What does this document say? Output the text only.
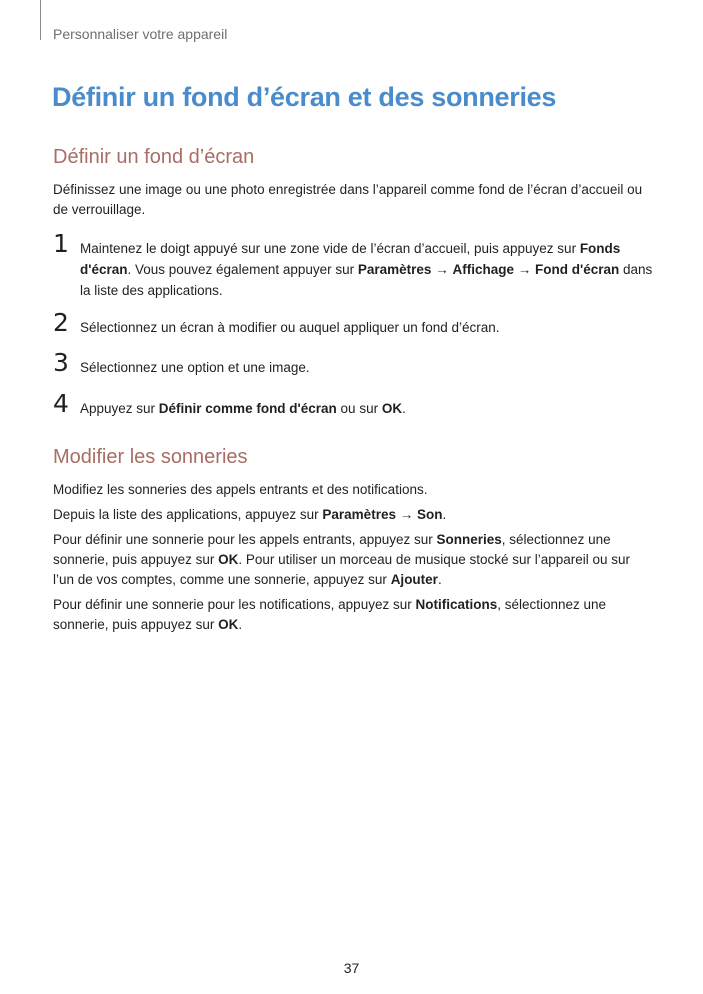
Personnaliser votre appareil
Définir un fond d’écran et des sonneries
Définir un fond d’écran

Définissez une image ou une photo enregistrée dans l’appareil comme fond de l’écran d’accueil ou de verrouillage.

1 Maintenez le doigt appuyé sur une zone vide de l’écran d’accueil, puis appuyez sur Fonds d'écran. Vous pouvez également appuyer sur Paramètres → Affichage → Fond d'écran dans la liste des applications.
2 Sélectionnez un écran à modifier ou auquel appliquer un fond d’écran.
3 Sélectionnez une option et une image.
4 Appuyez sur Définir comme fond d'écran ou sur OK.
Modifier les sonneries

Modifiez les sonneries des appels entrants et des notifications.

Depuis la liste des applications, appuyez sur Paramètres → Son.

Pour définir une sonnerie pour les appels entrants, appuyez sur Sonneries, sélectionnez une sonnerie, puis appuyez sur OK. Pour utiliser un morceau de musique stocké sur l’appareil ou sur l’un de vos comptes, comme une sonnerie, appuyez sur Ajouter.

Pour définir une sonnerie pour les notifications, appuyez sur Notifications, sélectionnez une sonnerie, puis appuyez sur OK.

37
